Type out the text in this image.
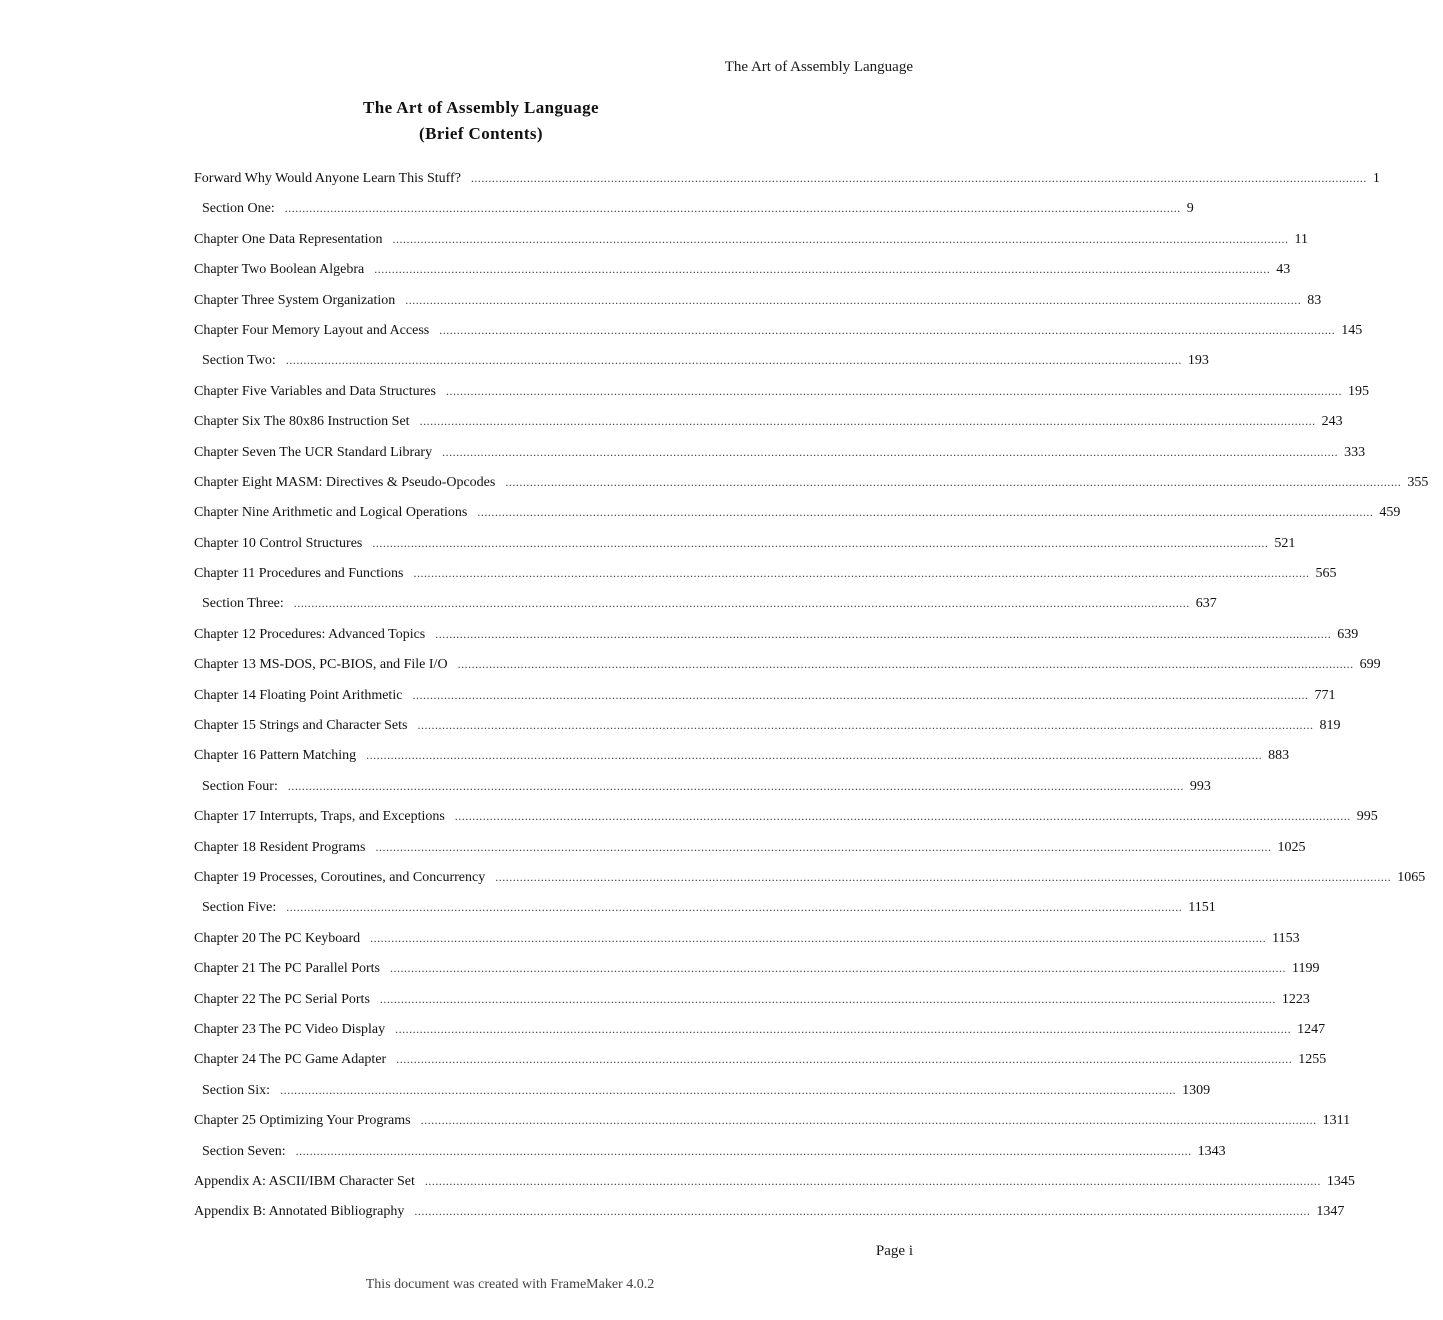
The Art of Assembly Language
The Art of Assembly Language
(Brief Contents)
Forward Why Would Anyone Learn This Stuff? .....	1
Section One: .....	9
Chapter One Data Representation .....	11
Chapter Two Boolean Algebra .....	43
Chapter Three System Organization .....	83
Chapter Four Memory Layout and Access .....	145
Section Two: .....	193
Chapter Five Variables and Data Structures .....	195
Chapter Six The 80x86 Instruction Set .....	243
Chapter Seven The UCR Standard Library .....	333
Chapter Eight MASM: Directives & Pseudo-Opcodes .....	355
Chapter Nine Arithmetic and Logical Operations .....	459
Chapter 10 Control Structures .....	521
Chapter 11 Procedures and Functions .....	565
Section Three: .....	637
Chapter 12 Procedures: Advanced Topics .....	639
Chapter 13 MS-DOS, PC-BIOS, and File I/O .....	699
Chapter 14 Floating Point Arithmetic .....	771
Chapter 15 Strings and Character Sets .....	819
Chapter 16 Pattern Matching .....	883
Section Four: .....	993
Chapter 17 Interrupts, Traps, and Exceptions .....	995
Chapter 18 Resident Programs .....	1025
Chapter 19 Processes, Coroutines, and Concurrency .....	1065
Section Five: .....	1151
Chapter 20 The PC Keyboard .....	1153
Chapter 21 The PC Parallel Ports .....	1199
Chapter 22 The PC Serial Ports .....	1223
Chapter 23 The PC Video Display .....	1247
Chapter 24 The PC Game Adapter .....	1255
Section Six: .....	1309
Chapter 25 Optimizing Your Programs .....	1311
Section Seven: .....	1343
Appendix A: ASCII/IBM Character Set .....	1345
Appendix B: Annotated Bibliography .....	1347
Page i
This document was created with FrameMaker 4.0.2
